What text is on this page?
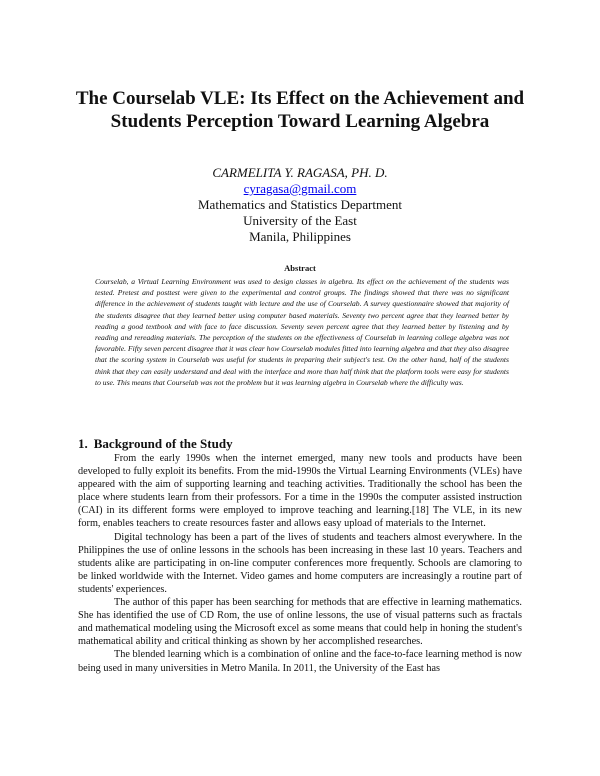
The Courselab VLE: Its Effect on the Achievement and Students Perception Toward Learning Algebra
CARMELITA Y. RAGASA, PH. D.
cyragasa@gmail.com
Mathematics and Statistics Department
University of the East
Manila, Philippines
Abstract

Courselab, a Virtual Learning Environment was used to design classes in algebra. Its effect on the achievement of the students was tested. Pretest and posttest were given to the experimental and control groups. The findings showed that there was no significant difference in the achievement of students taught with lecture and the use of Courselab. A survey questionnaire showed that majority of the students disagree that they learned better using computer based materials. Seventy two percent agree that they learned better by reading a good textbook and with face to face discussion. Seventy seven percent agree that they learned better by listening and by reading and rereading materials. The perception of the students on the effectiveness of Courselab in learning college algebra was not favorable. Fifty seven percent disagree that it was clear how Courselab modules fitted into learning algebra and that they also disagree that the scoring system in Courselab was useful for students in preparing their subject's test. On the other hand, half of the students think that they can easily understand and deal with the interface and more than half think that the platform tools were easy for students to use. This means that Courselab was not the problem but it was learning algebra in Courselab where the difficulty was.

1. Background of the Study

From the early 1990s when the internet emerged, many new tools and products have been developed to fully exploit its benefits. From the mid-1990s the Virtual Learning Environments (VLEs) have appeared with the aim of supporting learning and teaching activities. Traditionally the school has been the place where students learn from their professors. For a time in the 1990s the computer assisted instruction (CAI) in its different forms were employed to improve teaching and learning.[18] The VLE, in its new form, enables teachers to create resources faster and allows easy upload of materials to the Internet.

Digital technology has been a part of the lives of students and teachers almost everywhere. In the Philippines the use of online lessons in the schools has been increasing in these last 10 years. Teachers and students alike are participating in on-line computer conferences more frequently. Schools are clamoring to be linked worldwide with the Internet. Video games and home computers are increasingly a routine part of students' experiences.

The author of this paper has been searching for methods that are effective in learning mathematics. She has identified the use of CD Rom, the use of online lessons, the use of visual patterns such as fractals and mathematical modeling using the Microsoft excel as some means that could help in honing the student's mathematical ability and critical thinking as shown by her accomplished researches.

The blended learning which is a combination of online and the face-to-face learning method is now being used in many universities in Metro Manila. In 2011, the University of the East has
